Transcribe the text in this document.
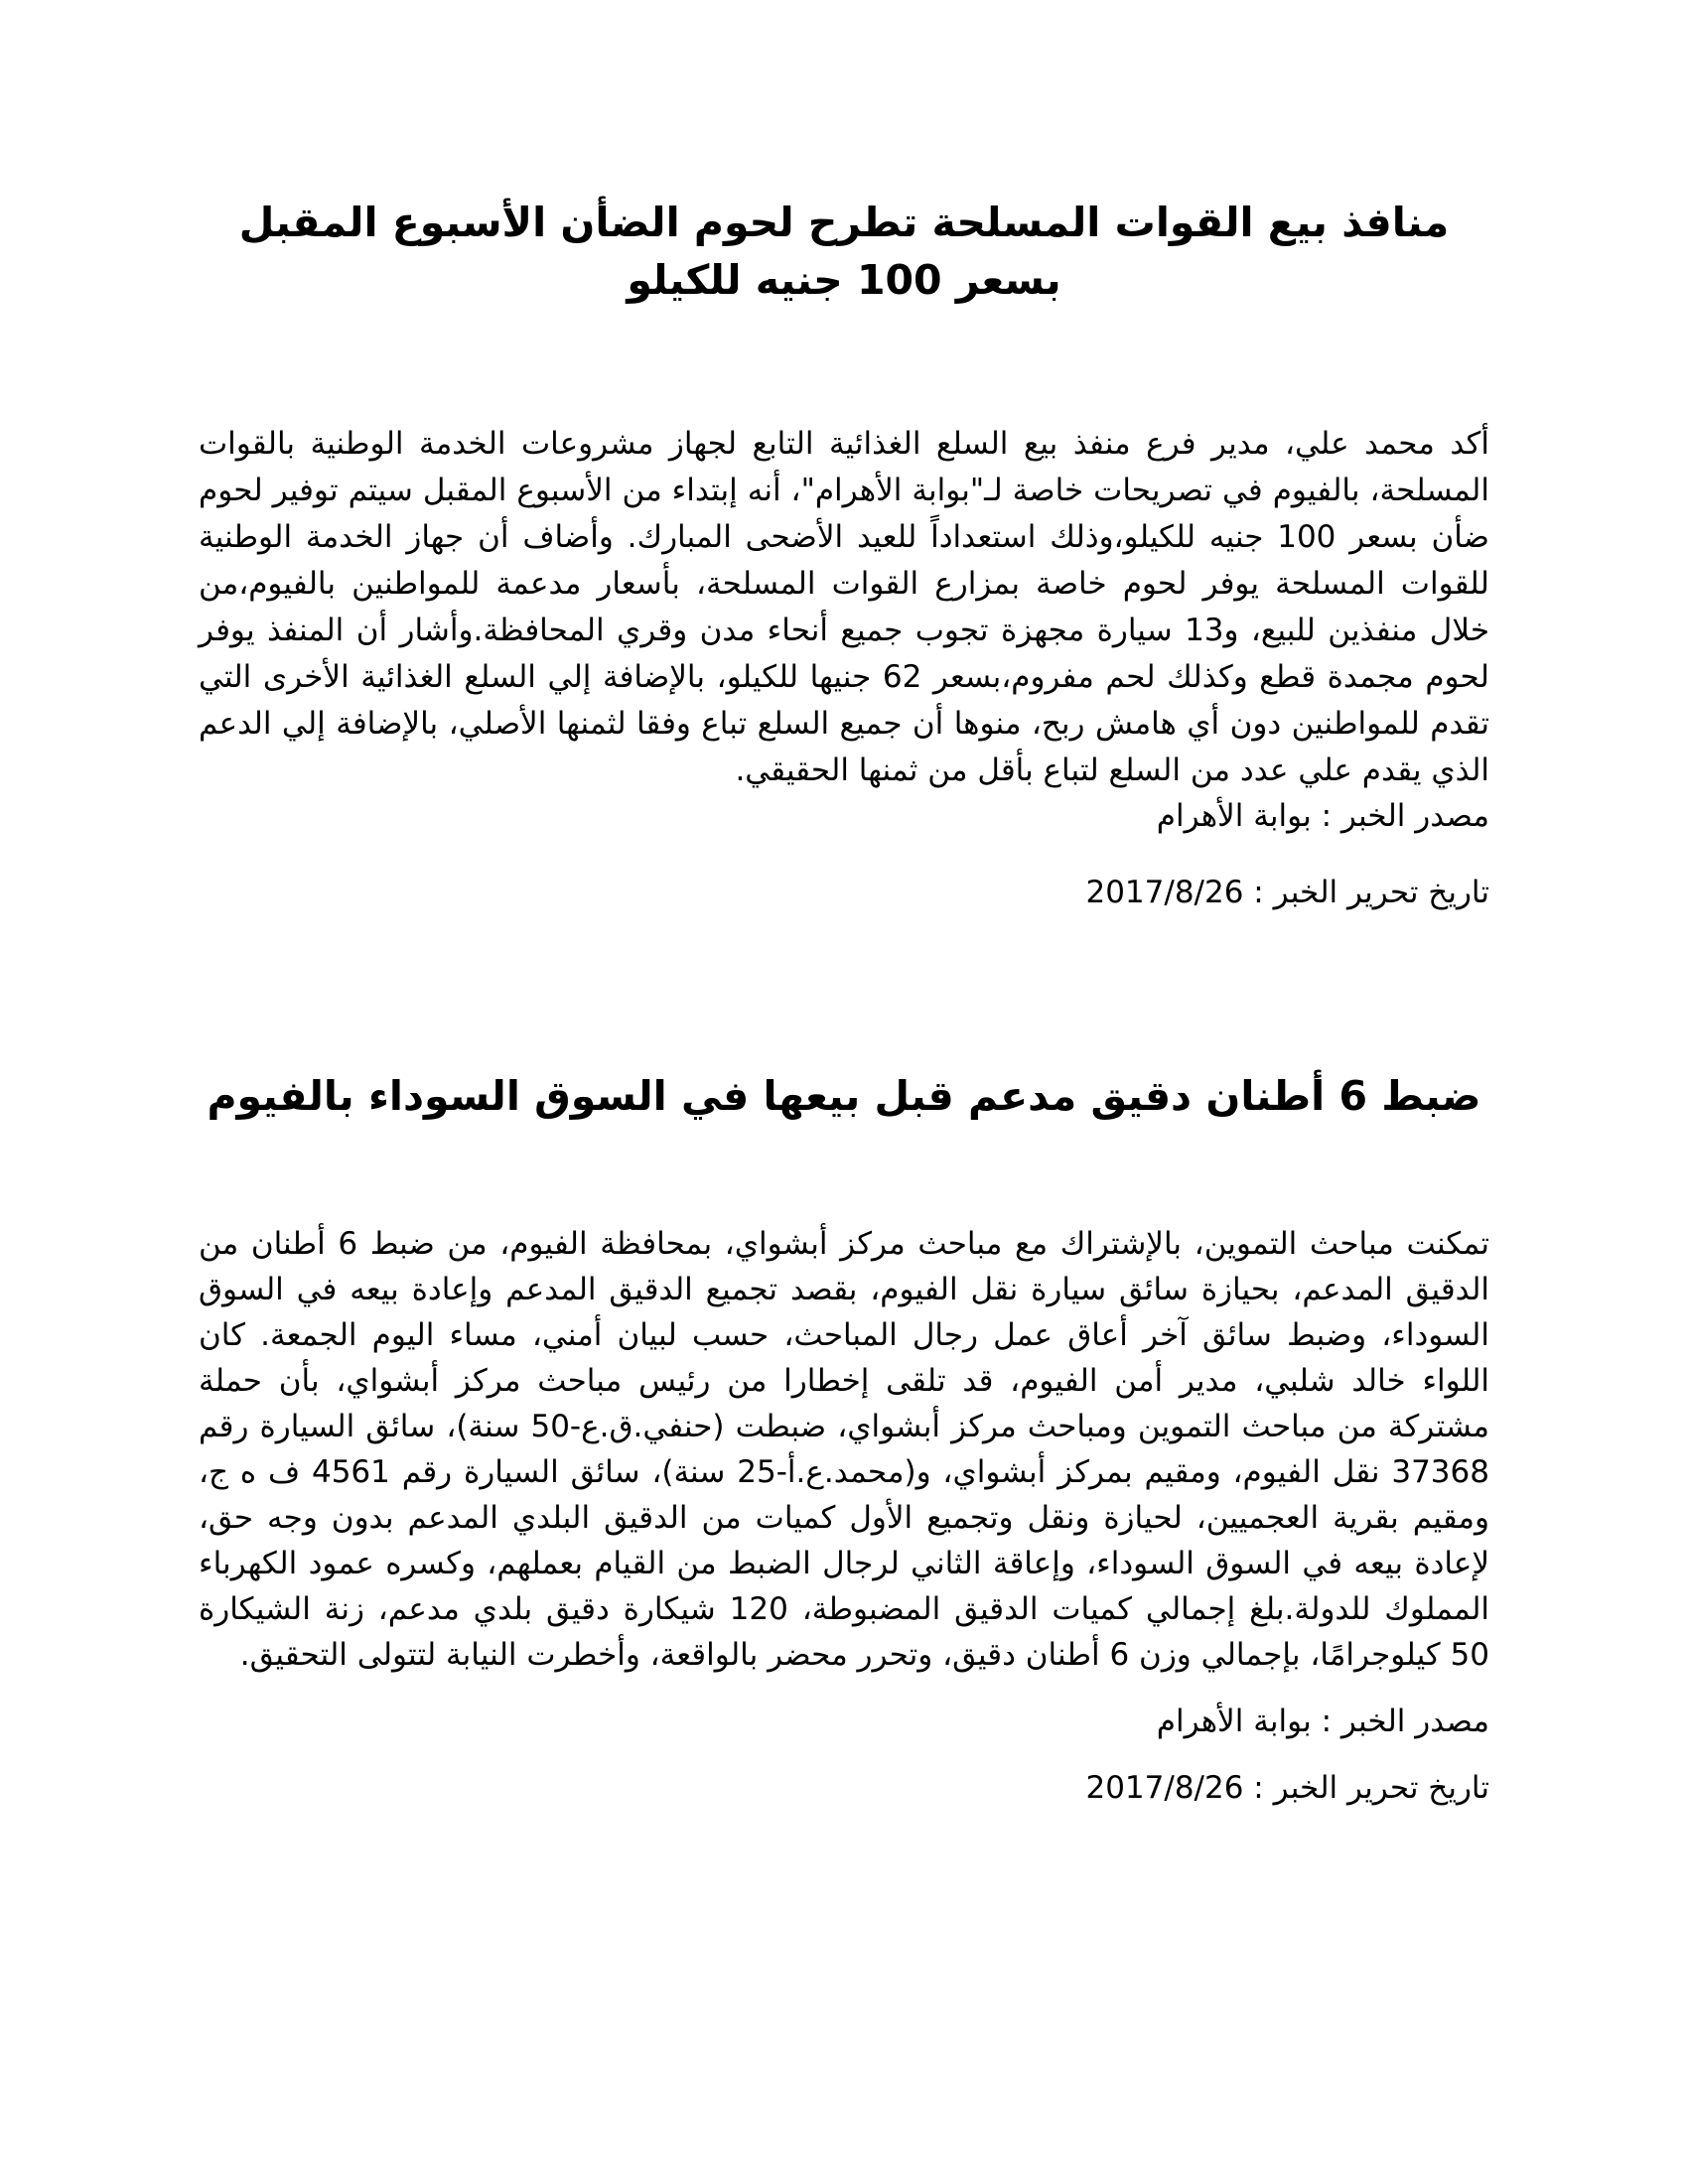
منافذ بيع القوات المسلحة تطرح لحوم الضأن الأسبوع المقبل بسعر 100 جنيه للكيلو

أكد محمد علي، مدير فرع منفذ بيع السلع الغذائية التابع لجهاز مشروعات الخدمة الوطنية بالقوات المسلحة، بالفيوم في تصريحات خاصة لـ"بوابة الأهرام"، أنه إبتداء من الأسبوع المقبل سيتم توفير لحوم ضأن بسعر 100 جنيه للكيلو،وذلك استعداداً للعيد الأضحى المبارك. وأضاف أن جهاز الخدمة الوطنية للقوات المسلحة يوفر لحوم خاصة بمزارع القوات المسلحة، بأسعار مدعمة للمواطنين بالفيوم،من خلال منفذين للبيع، و13 سيارة مجهزة تجوب جميع أنحاء مدن وقري المحافظة.وأشار أن المنفذ يوفر لحوم مجمدة قطع وكذلك لحم مفروم،بسعر 62 جنيها للكيلو، بالإضافة إلي السلع الغذائية الأخرى التي تقدم للمواطنين دون أي هامش ربح، منوها أن جميع السلع تباع وفقا لثمنها الأصلي، بالإضافة إلي الدعم الذي يقدم علي عدد من السلع لتباع بأقل من ثمنها الحقيقي.

مصدر الخبر : بوابة الأهرام

تاريخ تحرير الخبر : 2017/8/26

ضبط 6 أطنان دقيق مدعم قبل بيعها في السوق السوداء بالفيوم

تمكنت مباحث التموين، بالإشتراك مع مباحث مركز أبشواي، بمحافظة الفيوم، من ضبط 6 أطنان من الدقيق المدعم، بحيازة سائق سيارة نقل الفيوم، بقصد تجميع الدقيق المدعم وإعادة بيعه في السوق السوداء، وضبط سائق آخر أعاق عمل رجال المباحث، حسب لبيان أمني، مساء اليوم الجمعة. كان اللواء خالد شلبي، مدير أمن الفيوم، قد تلقى إخطارا من رئيس مباحث مركز أبشواي، بأن حملة مشتركة من مباحث التموين ومباحث مركز أبشواي، ضبطت (حنفي.ق.ع-50 سنة)، سائق السيارة رقم 37368 نقل الفيوم، ومقيم بمركز أبشواي، و(محمد.ع.أ-25 سنة)، سائق السيارة رقم 4561 ف ه ج، ومقيم بقرية العجميين، لحيازة ونقل وتجميع الأول كميات من الدقيق البلدي المدعم بدون وجه حق، لإعادة بيعه في السوق السوداء، وإعاقة الثاني لرجال الضبط من القيام بعملهم، وكسره عمود الكهرباء المملوك للدولة.بلغ إجمالي كميات الدقيق المضبوطة، 120 شيكارة دقيق بلدي مدعم، زنة الشيكارة 50 كيلوجرامًا، بإجمالي وزن 6 أطنان دقيق، وتحرر محضر بالواقعة، وأخطرت النيابة لتتولى التحقيق.

مصدر الخبر : بوابة الأهرام

تاريخ تحرير الخبر : 2017/8/26
